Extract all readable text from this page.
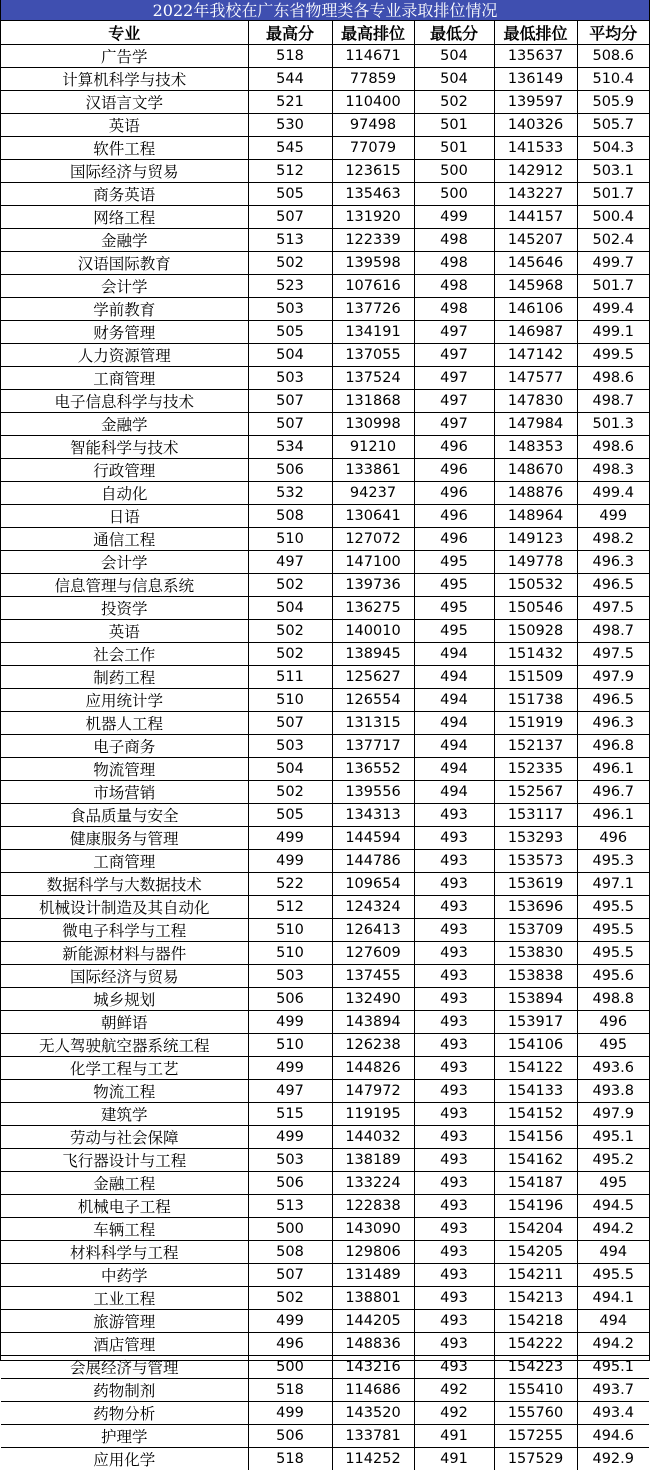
2022年我校在广东省物理类各专业录取排位情况
专业	最高分	最高排位	最低分	最低排位	平均分
广告学	518	114671	504	135637	508.6
计算机科学与技术	544	77859	504	136149	510.4
汉语言文学	521	110400	502	139597	505.9
英语	530	97498	501	140326	505.7
软件工程	545	77079	501	141533	504.3
国际经济与贸易	512	123615	500	142912	503.1
商务英语	505	135463	500	143227	501.7
网络工程	507	131920	499	144157	500.4
金融学	513	122339	498	145207	502.4
汉语国际教育	502	139598	498	145646	499.7
会计学	523	107616	498	145968	501.7
学前教育	503	137726	498	146106	499.4
财务管理	505	134191	497	146987	499.1
人力资源管理	504	137055	497	147142	499.5
工商管理	503	137524	497	147577	498.6
电子信息科学与技术	507	131868	497	147830	498.7
金融学	507	130998	497	147984	501.3
智能科学与技术	534	91210	496	148353	498.6
行政管理	506	133861	496	148670	498.3
自动化	532	94237	496	148876	499.4
日语	508	130641	496	148964	499
通信工程	510	127072	496	149123	498.2
会计学	497	147100	495	149778	496.3
信息管理与信息系统	502	139736	495	150532	496.5
投资学	504	136275	495	150546	497.5
英语	502	140010	495	150928	498.7
社会工作	502	138945	494	151432	497.5
制药工程	511	125627	494	151509	497.9
应用统计学	510	126554	494	151738	496.5
机器人工程	507	131315	494	151919	496.3
电子商务	503	137717	494	152137	496.8
物流管理	504	136552	494	152335	496.1
市场营销	502	139556	494	152567	496.7
食品质量与安全	505	134313	493	153117	496.1
健康服务与管理	499	144594	493	153293	496
工商管理	499	144786	493	153573	495.3
数据科学与大数据技术	522	109654	493	153619	497.1
机械设计制造及其自动化	512	124324	493	153696	495.5
微电子科学与工程	510	126413	493	153709	495.5
新能源材料与器件	510	127609	493	153830	495.5
国际经济与贸易	503	137455	493	153838	495.6
城乡规划	506	132490	493	153894	498.8
朝鲜语	499	143894	493	153917	496
无人驾驶航空器系统工程	510	126238	493	154106	495
化学工程与工艺	499	144826	493	154122	493.6
物流工程	497	147972	493	154133	493.8
建筑学	515	119195	493	154152	497.9
劳动与社会保障	499	144032	493	154156	495.1
飞行器设计与工程	503	138189	493	154162	495.2
金融工程	506	133224	493	154187	495
机械电子工程	513	122838	493	154196	494.5
车辆工程	500	143090	493	154204	494.2
材料科学与工程	508	129806	493	154205	494
中药学	507	131489	493	154211	495.5
工业工程	502	138801	493	154213	494.1
旅游管理	499	144205	493	154218	494
酒店管理	496	148836	493	154222	494.2
会展经济与管理	500	143216	493	154223	495.1
药物制剂	518	114686	492	155410	493.7
药物分析	499	143520	492	155760	493.4
护理学	506	133781	491	157255	494.6
应用化学	518	114252	491	157529	492.9
